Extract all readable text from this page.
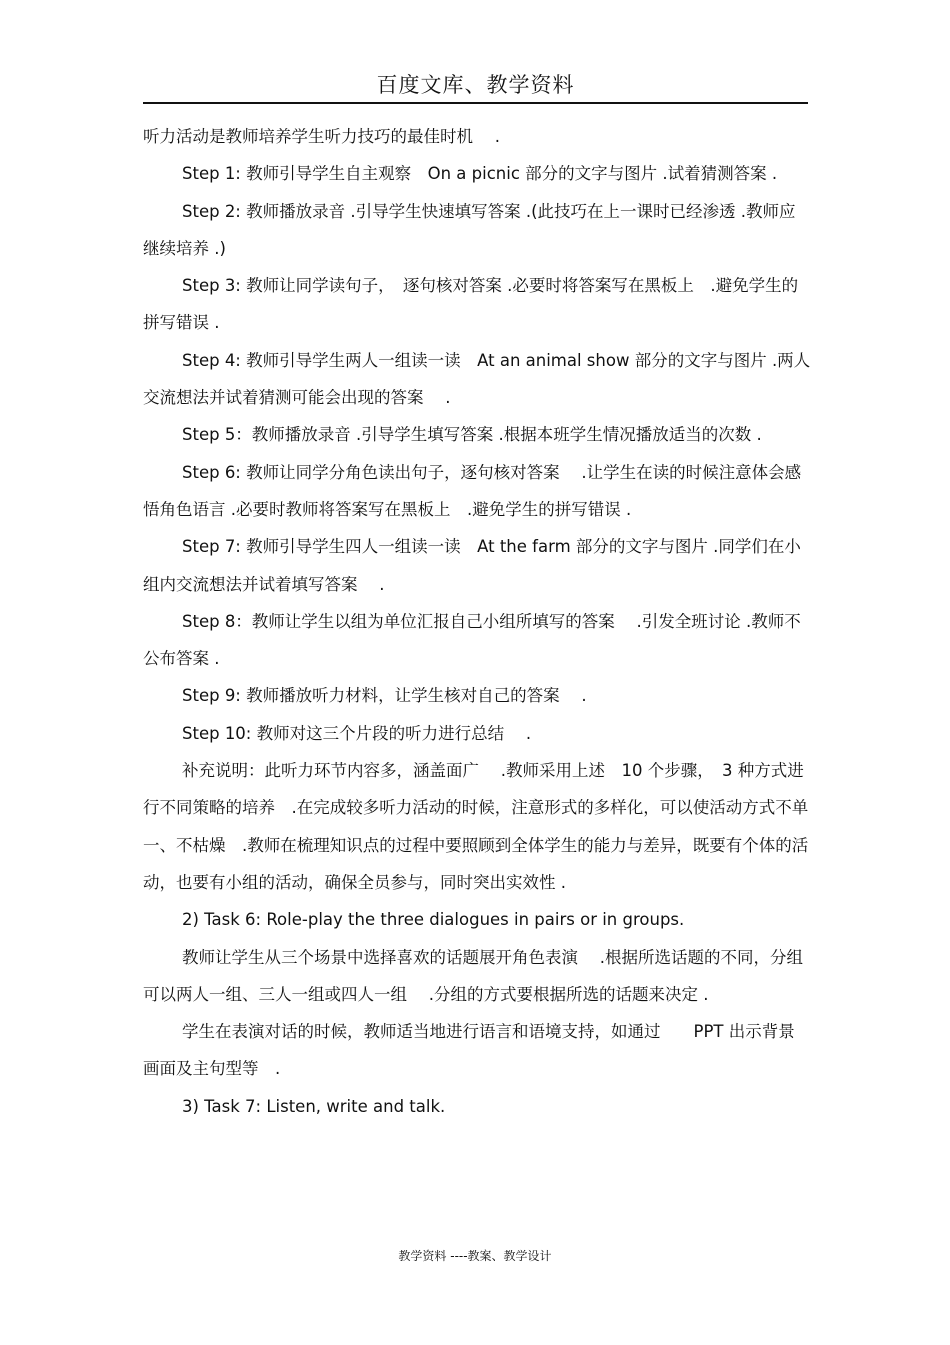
百度文库、教学资料

听力活动是教师培养学生听力技巧的最佳时机　 .

Step 1: 教师引导学生自主观察　On a picnic 部分的文字与图片 .试着猜测答案 .

Step 2: 教师播放录音 .引导学生快速填写答案 .(此技巧在上一课时已经渗透 .教师应继续培养 .)

Step 3: 教师让同学读句子，　逐句核对答案 .必要时将答案写在黑板上　.避免学生的拼写错误 .

Step 4: 教师引导学生两人一组读一读　At an animal show 部分的文字与图片 .两人交流想法并试着猜测可能会出现的答案　 .

Step 5：教师播放录音 .引导学生填写答案 .根据本班学生情况播放适当的次数 .

Step 6: 教师让同学分角色读出句子，逐句核对答案　 .让学生在读的时候注意体会感悟角色语言 .必要时教师将答案写在黑板上　.避免学生的拼写错误 .

Step 7: 教师引导学生四人一组读一读　At the farm 部分的文字与图片 .同学们在小组内交流想法并试着填写答案　 .

Step 8：教师让学生以组为单位汇报自己小组所填写的答案　 .引发全班讨论 .教师不公布答案 .

Step 9: 教师播放听力材料，让学生核对自己的答案　 .

Step 10: 教师对这三个片段的听力进行总结　 .

补充说明：此听力环节内容多，涵盖面广　 .教师采用上述　10 个步骤，　3 种方式进行不同策略的培养　.在完成较多听力活动的时候，注意形式的多样化，可以使活动方式不单一、不枯燥　.教师在梳理知识点的过程中要照顾到全体学生的能力与差异，既要有个体的活动，也要有小组的活动，确保全员参与，同时突出实效性 .

2) Task 6: Role-play the three dialogues in pairs or in groups.

教师让学生从三个场景中选择喜欢的话题展开角色表演　 .根据所选话题的不同，分组可以两人一组、三人一组或四人一组　 .分组的方式要根据所选的话题来决定 .

学生在表演对话的时候，教师适当地进行语言和语境支持，如通过　　PPT 出示背景画面及主句型等　.

3) Task 7: Listen, write and talk.

教学资料 ----教案、教学设计
